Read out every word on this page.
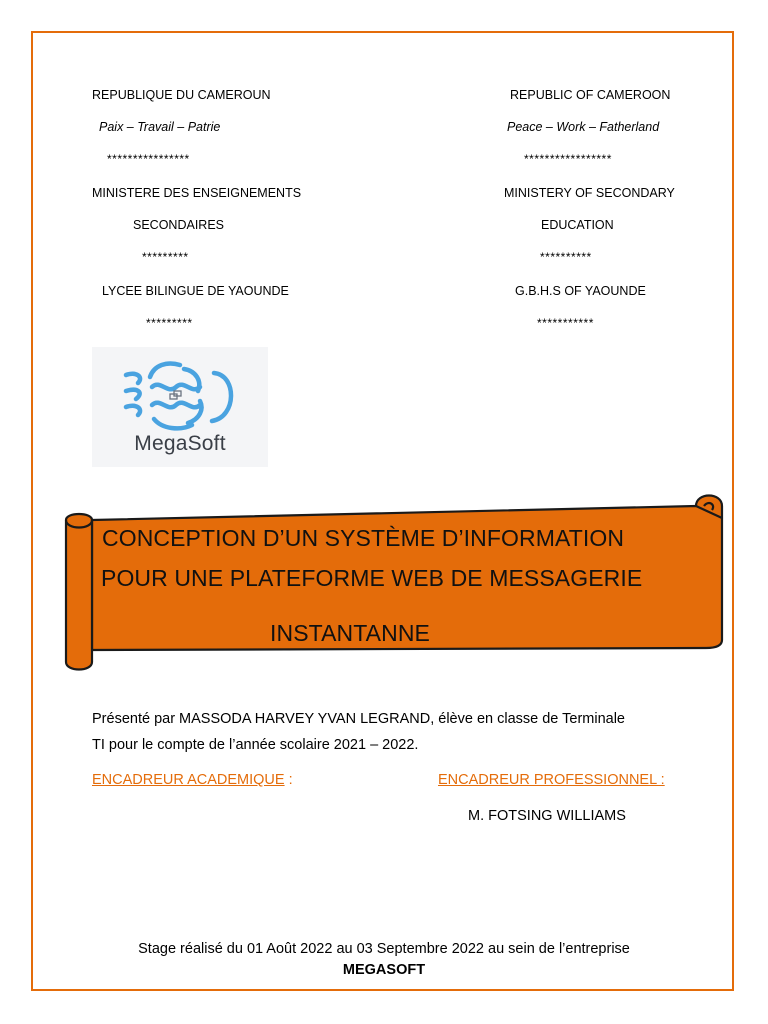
REPUBLIQUE DU CAMEROUN
Paix – Travail – Patrie
****************
MINISTERE DES ENSEIGNEMENTS
SECONDAIRES
*********
LYCEE BILINGUE DE YAOUNDE
*********
REPUBLIC OF CAMEROON
Peace – Work – Fatherland
*****************
MINISTERY OF SECONDARY
EDUCATION
**********
G.B.H.S OF YAOUNDE
***********
MegaSoft
CONCEPTION D’UN SYSTÈME D’INFORMATION
POUR UNE PLATEFORME WEB DE MESSAGERIE
INSTANTANNE
Présenté par MASSODA HARVEY YVAN LEGRAND, élève en classe de Terminale
TI pour le compte de l’année scolaire 2021 – 2022.
ENCADREUR ACADEMIQUE :	ENCADREUR PROFESSIONNEL :
M. FOTSING WILLIAMS
Stage réalisé du 01 Août 2022 au 03 Septembre 2022 au sein de l’entreprise
MEGASOFT
